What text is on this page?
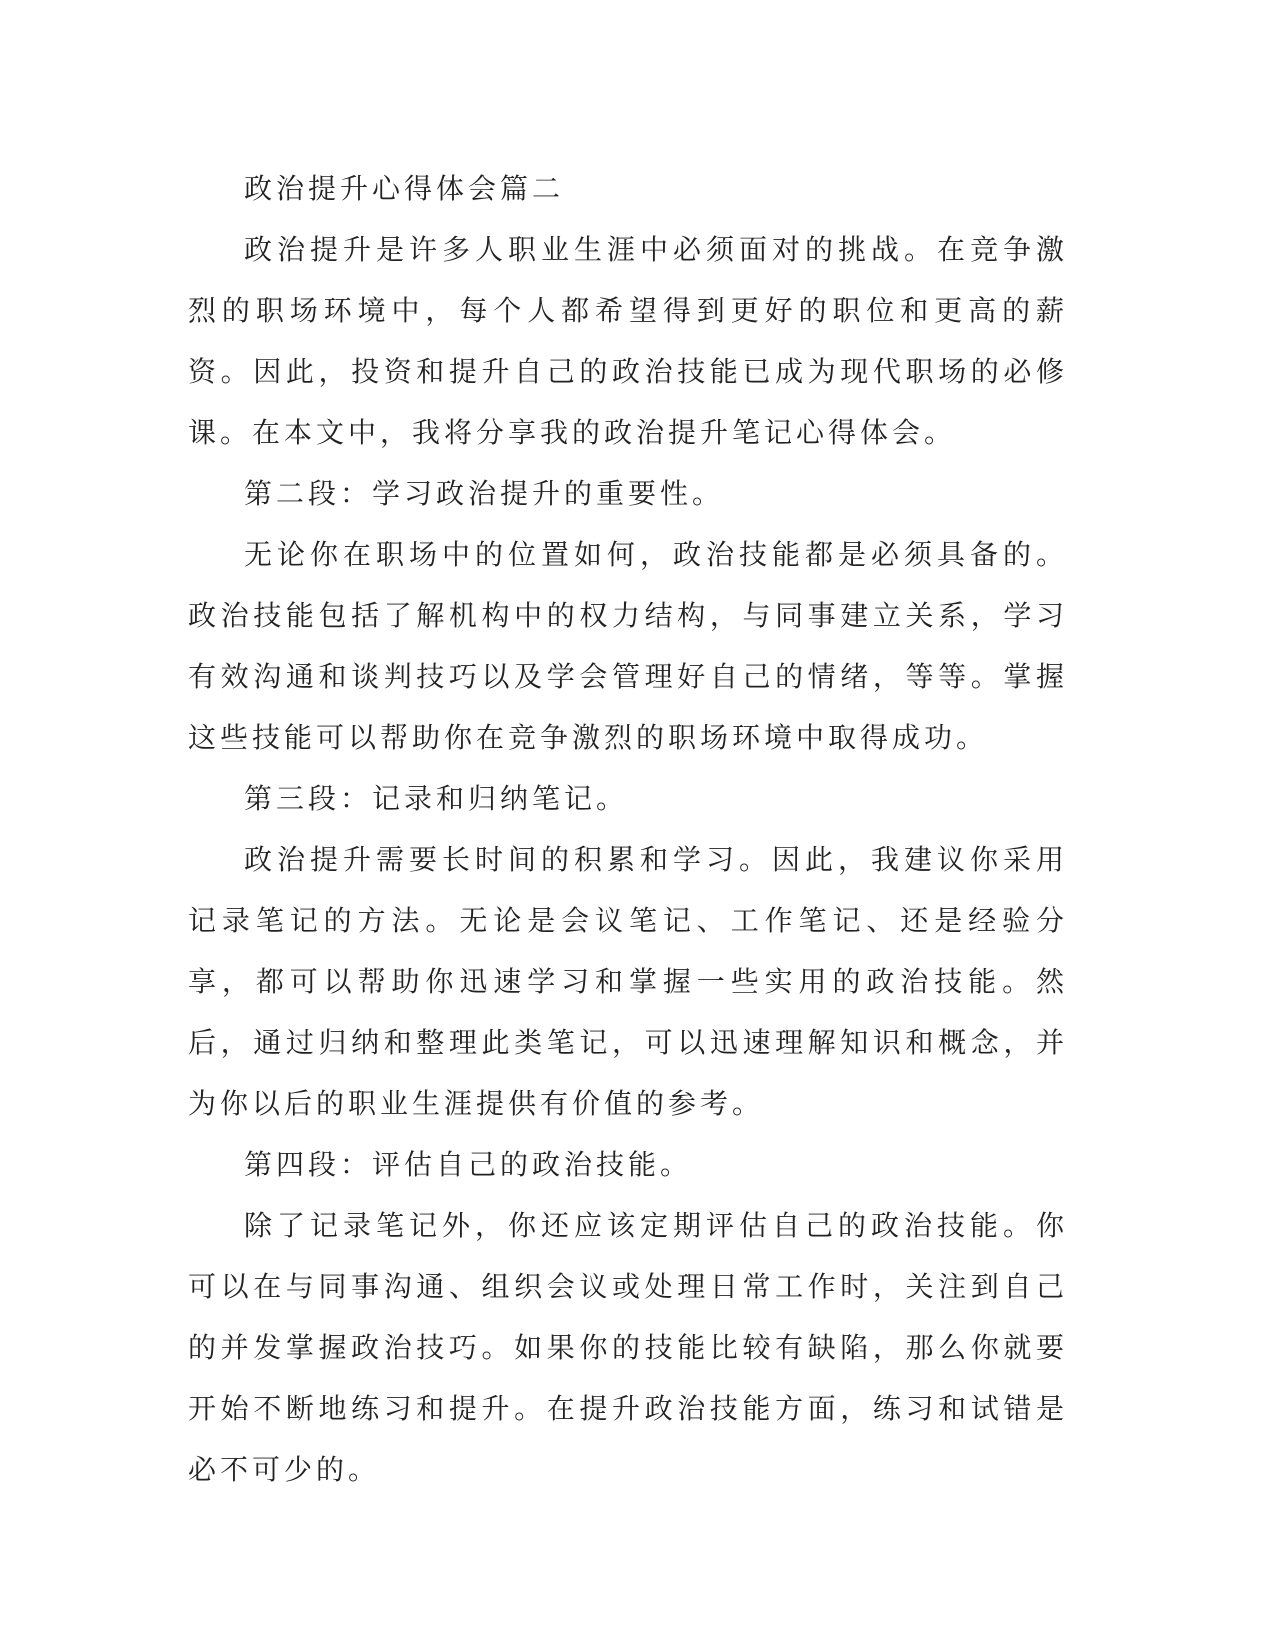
政治提升心得体会篇二

政治提升是许多人职业生涯中必须面对的挑战。在竞争激烈的职场环境中，每个人都希望得到更好的职位和更高的薪资。因此，投资和提升自己的政治技能已成为现代职场的必修课。在本文中，我将分享我的政治提升笔记心得体会。

第二段：学习政治提升的重要性。

无论你在职场中的位置如何，政治技能都是必须具备的。政治技能包括了解机构中的权力结构，与同事建立关系，学习有效沟通和谈判技巧以及学会管理好自己的情绪，等等。掌握这些技能可以帮助你在竞争激烈的职场环境中取得成功。

第三段：记录和归纳笔记。

政治提升需要长时间的积累和学习。因此，我建议你采用记录笔记的方法。无论是会议笔记、工作笔记、还是经验分享，都可以帮助你迅速学习和掌握一些实用的政治技能。然后，通过归纳和整理此类笔记，可以迅速理解知识和概念，并为你以后的职业生涯提供有价值的参考。

第四段：评估自己的政治技能。

除了记录笔记外，你还应该定期评估自己的政治技能。你可以在与同事沟通、组织会议或处理日常工作时，关注到自己的并发掌握政治技巧。如果你的技能比较有缺陷，那么你就要开始不断地练习和提升。在提升政治技能方面，练习和试错是必不可少的。
